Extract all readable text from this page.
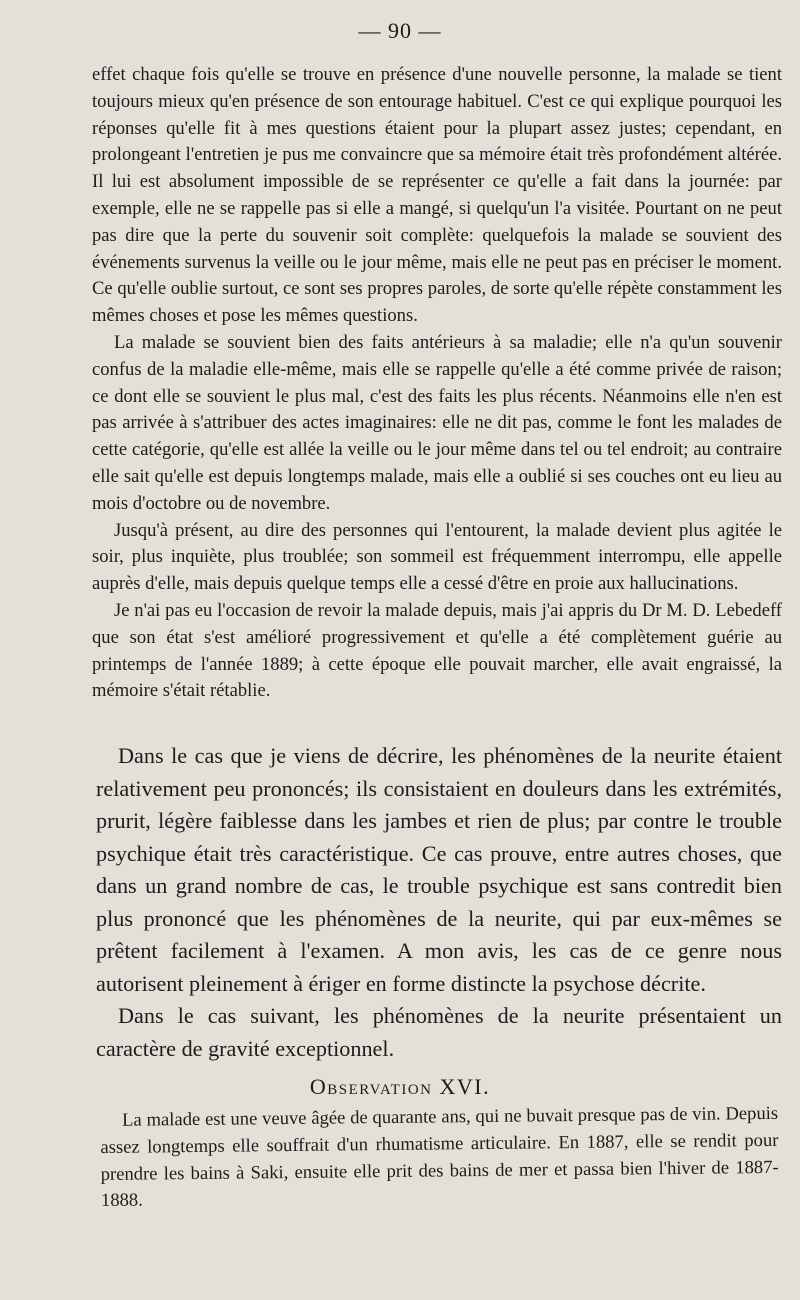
— 90 —

effet chaque fois qu'elle se trouve en présence d'une nouvelle personne, la malade se tient toujours mieux qu'en présence de son entourage habituel. C'est ce qui explique pourquoi les réponses qu'elle fit à mes questions étaient pour la plupart assez justes; cependant, en prolongeant l'entretien je pus me convaincre que sa mémoire était très profondément altérée. Il lui est absolument impossible de se représenter ce qu'elle a fait dans la journée: par exemple, elle ne se rappelle pas si elle a mangé, si quelqu'un l'a visitée. Pourtant on ne peut pas dire que la perte du souvenir soit complète: quelquefois la malade se souvient des événements survenus la veille ou le jour même, mais elle ne peut pas en préciser le moment. Ce qu'elle oublie surtout, ce sont ses propres paroles, de sorte qu'elle répète constamment les mêmes choses et pose les mêmes questions.

La malade se souvient bien des faits antérieurs à sa maladie; elle n'a qu'un souvenir confus de la maladie elle-même, mais elle se rappelle qu'elle a été comme privée de raison; ce dont elle se souvient le plus mal, c'est des faits les plus récents. Néanmoins elle n'en est pas arrivée à s'attribuer des actes imaginaires: elle ne dit pas, comme le font les malades de cette catégorie, qu'elle est allée la veille ou le jour même dans tel ou tel endroit; au contraire elle sait qu'elle est depuis longtemps malade, mais elle a oublié si ses couches ont eu lieu au mois d'octobre ou de novembre.

Jusqu'à présent, au dire des personnes qui l'entourent, la malade devient plus agitée le soir, plus inquiète, plus troublée; son sommeil est fréquemment interrompu, elle appelle auprès d'elle, mais depuis quelque temps elle a cessé d'être en proie aux hallucinations.

Je n'ai pas eu l'occasion de revoir la malade depuis, mais j'ai appris du Dr M. D. Lebedeff que son état s'est amélioré progressivement et qu'elle a été complètement guérie au printemps de l'année 1889; à cette époque elle pouvait marcher, elle avait engraissé, la mémoire s'était rétablie.

Dans le cas que je viens de décrire, les phénomènes de la neurite étaient relativement peu prononcés; ils consistaient en douleurs dans les extrémités, prurit, légère faiblesse dans les jambes et rien de plus; par contre le trouble psychique était très caractéristique. Ce cas prouve, entre autres choses, que dans un grand nombre de cas, le trouble psychique est sans contredit bien plus prononcé que les phénomènes de la neurite, qui par eux-mêmes se prêtent facilement à l'examen. A mon avis, les cas de ce genre nous autorisent pleinement à ériger en forme distincte la psychose décrite.

Dans le cas suivant, les phénomènes de la neurite présentaient un caractère de gravité exceptionnel.

Observation XVI.

La malade est une veuve âgée de quarante ans, qui ne buvait presque pas de vin. Depuis assez longtemps elle souffrait d'un rhumatisme articulaire. En 1887, elle se rendit pour prendre les bains à Saki, ensuite elle prit des bains de mer et passa bien l'hiver de 1887-1888.
